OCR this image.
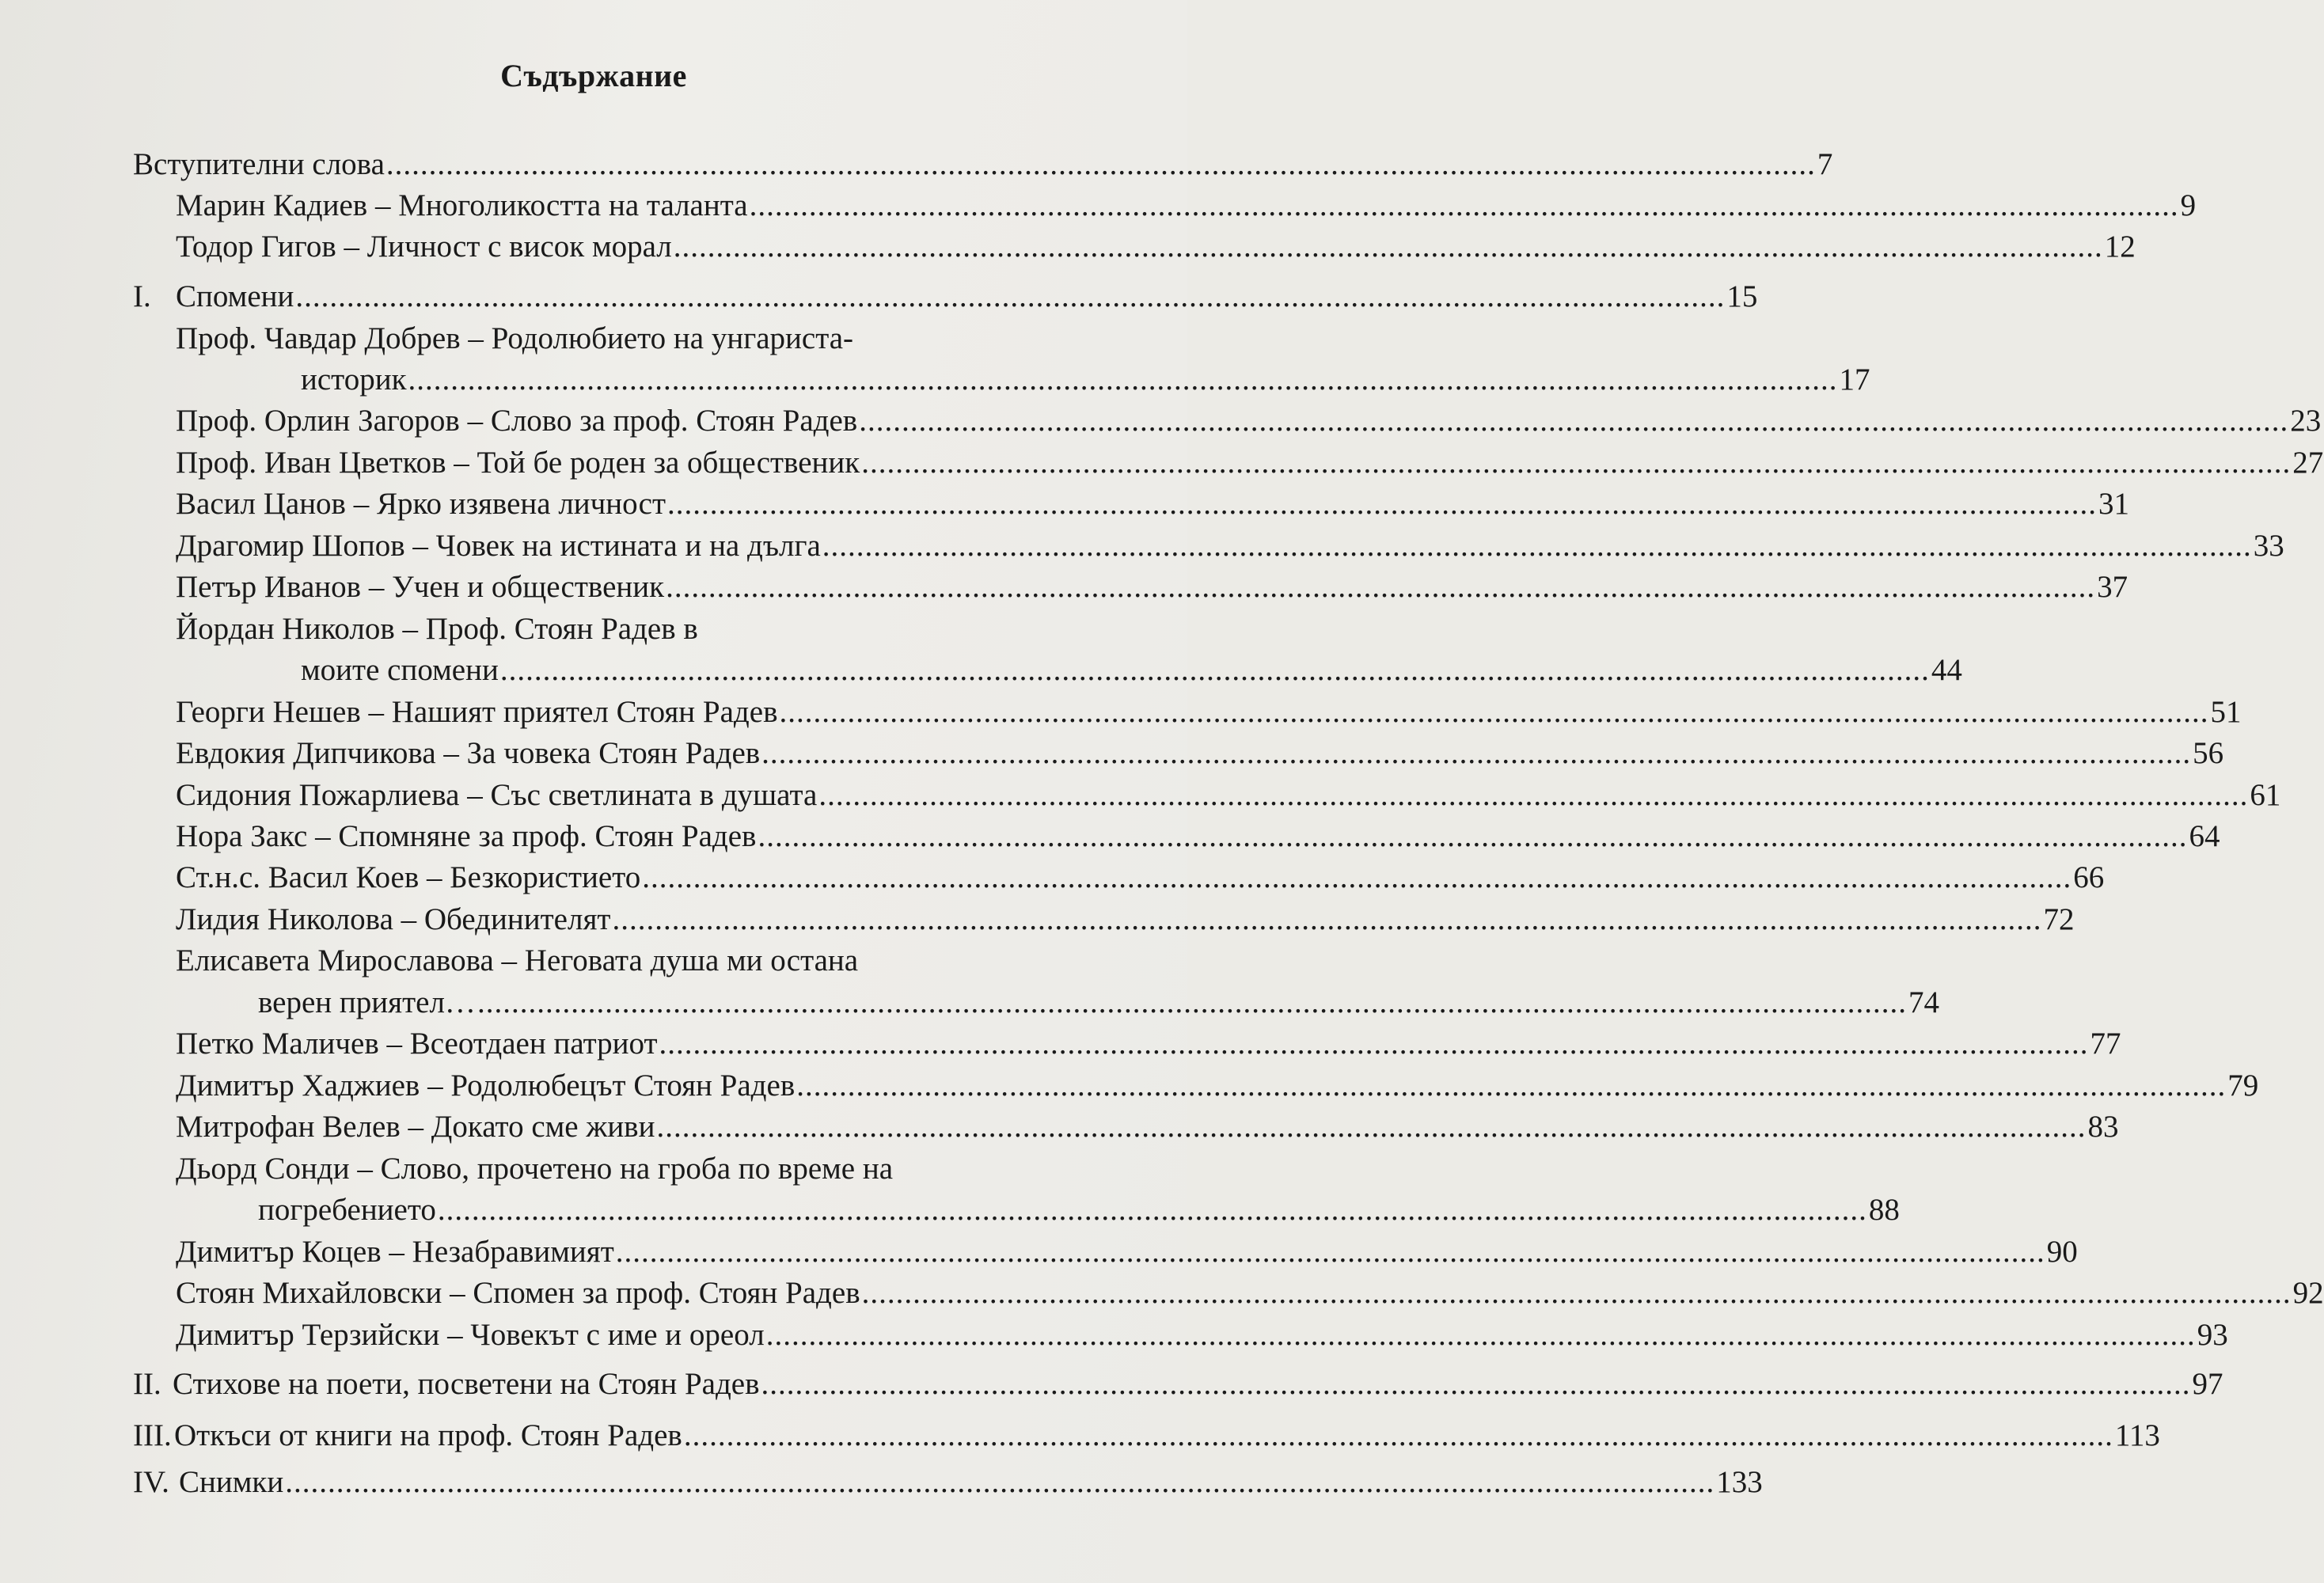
Съдържание
Вступителни слова ........................................................................................................................................................................ 7
Марин Кадиев – Многоликостта на таланта ........................................................................................................................................................................ 9
Тодор Гигов – Личност с висок морал ........................................................................................................................................................................ 12
I. Спомени ........................................................................................................................................................................ 15
Проф. Чавдар Добрев – Родолюбието на унгариста-
историк ........................................................................................................................................................................ 17
Проф. Орлин Загоров – Слово за проф. Стоян Радев ........................................................................................................................................................................ 23
Проф. Иван Цветков – Той бе роден за общественик ........................................................................................................................................................................ 27
Васил Цанов – Ярко изявена личност ........................................................................................................................................................................ 31
Драгомир Шопов – Човек на истината и на дълга ........................................................................................................................................................................ 33
Петър Иванов – Учен и общественик ........................................................................................................................................................................ 37
Йордан Николов – Проф. Стоян Радев в
моите спомени ........................................................................................................................................................................ 44
Георги Нешев – Нашият приятел Стоян Радев ........................................................................................................................................................................ 51
Евдокия Дипчикова – За човека Стоян Радев ........................................................................................................................................................................ 56
Сидония Пожарлиева – Със светлината в душата ........................................................................................................................................................................ 61
Нора Закс – Спомняне за проф. Стоян Радев ........................................................................................................................................................................ 64
Ст.н.с. Васил Коев – Безкористието ........................................................................................................................................................................ 66
Лидия Николова – Обединителят ........................................................................................................................................................................ 72
Елисавета Мирославова – Неговата душа ми остана
верен приятел… ........................................................................................................................................................................ 74
Петко Маличев – Всеотдаен патриот ........................................................................................................................................................................ 77
Димитър Хаджиев – Родолюбецът Стоян Радев ........................................................................................................................................................................ 79
Митрофан Велев – Докато сме живи ........................................................................................................................................................................ 83
Дьорд Сонди – Слово, прочетено на гроба по време на
погребението ........................................................................................................................................................................ 88
Димитър Коцев – Незабравимият ........................................................................................................................................................................ 90
Стоян Михайловски – Спомен за проф. Стоян Радев ........................................................................................................................................................................ 92
Димитър Терзийски – Човекът с име и ореол ........................................................................................................................................................................ 93
II. Стихове на поети, посветени на Стоян Радев ........................................................................................................................................................................ 97
III. Откъси от книги на проф. Стоян Радев ........................................................................................................................................................................ 113
IV. Снимки ........................................................................................................................................................................ 133
